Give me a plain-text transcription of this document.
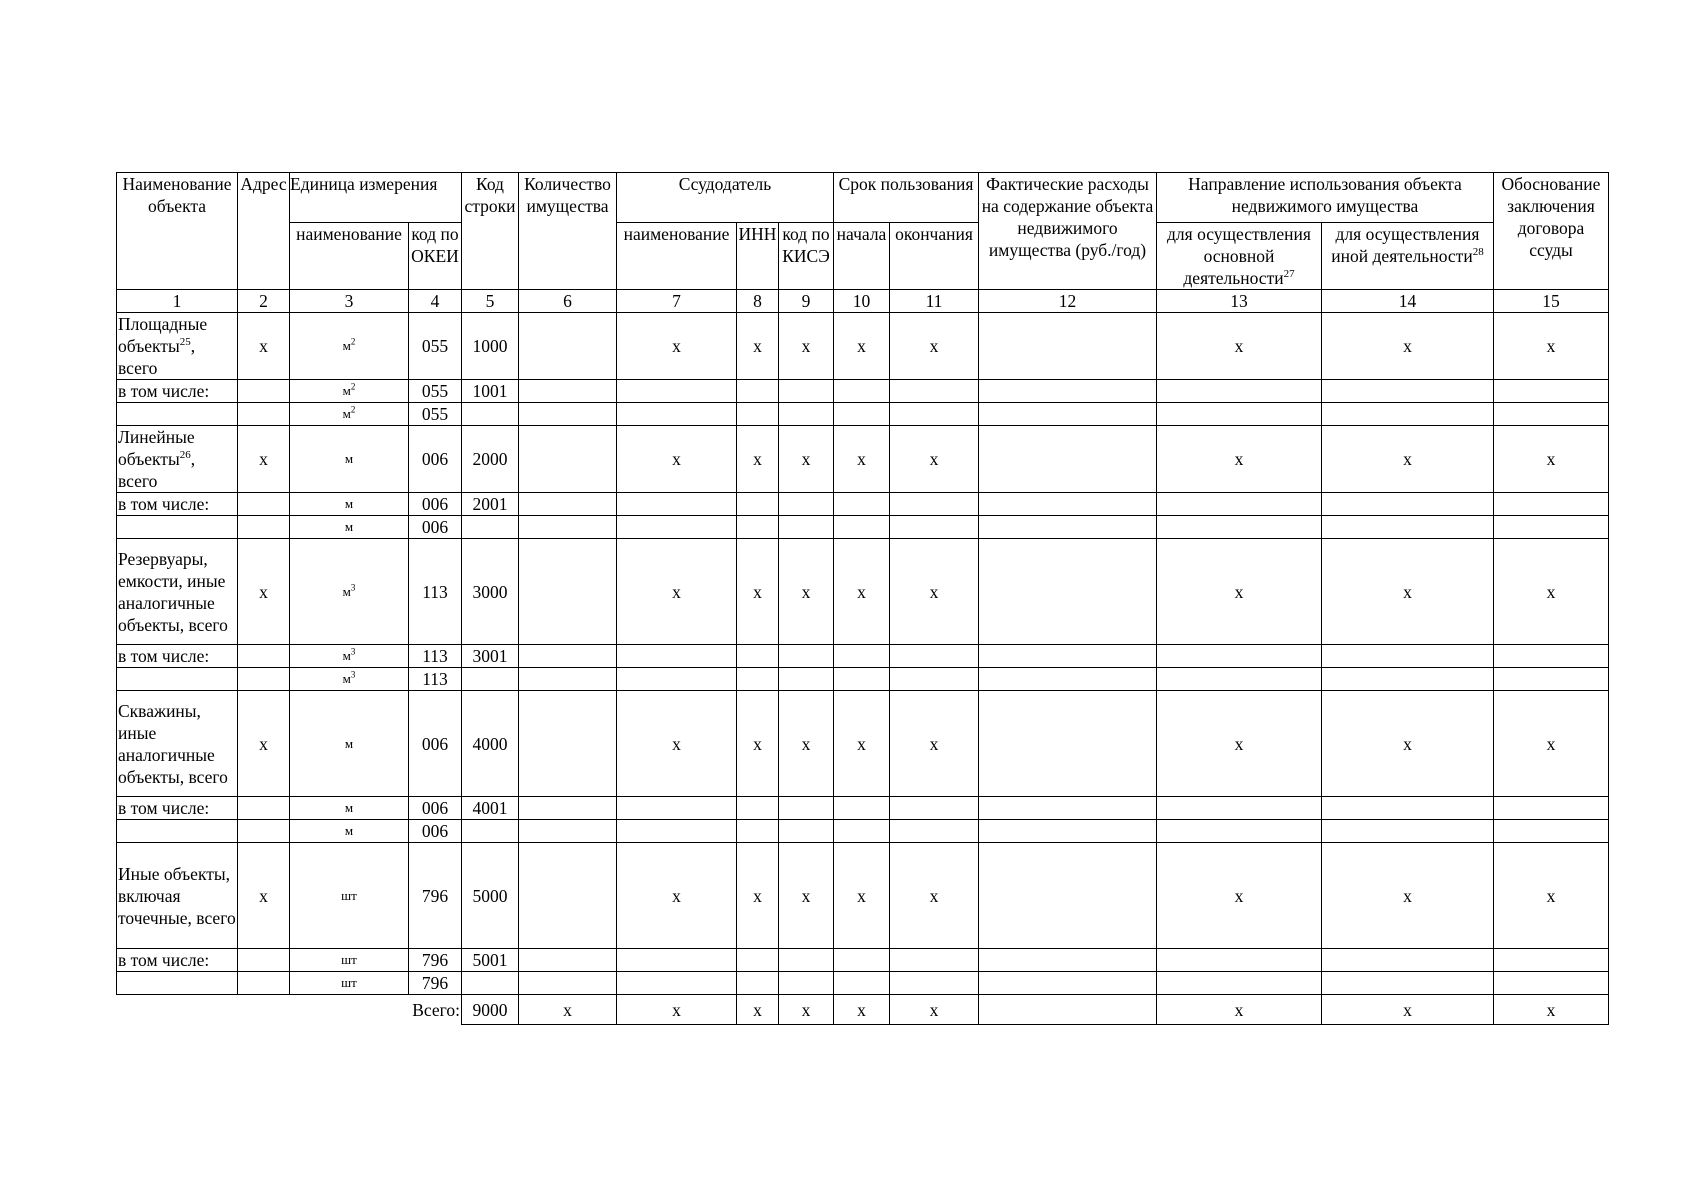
Наименование объекта	Адрес	Единица измерения		Код строки	Количество имущества	Ссудодатель			Срок пользования		Фактические расходы на содержание объекта недвижимого имущества (руб./год)	Направление использования объекта недвижимого имущества		Обоснование заключения договора ссуды
		наименование	код по ОКЕИ			наименование	ИНН	код по КИСЭ	начала	окончания		для осуществления основной деятельности$^{27}$	для осуществления иной деятельности$^{28}$
1	2	3	4	5	6	7	8	9	10	11	12	13	14	15
Площадные объекты$^{25}$, всего	х	$м^2$	055	1000		х	х	х	х	х		х	х	х
в том числе:		$м^2$	055	1001										
		$м^2$	055											
Линейные объекты$^{26}$, всего	х	м	006	2000		х	х	х	х	х		х	х	х
в том числе:		м	006	2001										
		м	006											
Резервуары, емкости, иные аналогичные объекты, всего	х	$м^3$	113	3000		х	х	х	х	х		х	х	х
в том числе:		$м^3$	113	3001										
		$м^3$	113											
Скважины, иные аналогичные объекты, всего	х	м	006	4000		х	х	х	х	х		х	х	х
в том числе:		м	006	4001										
		м	006											
Иные объекты, включая точечные, всего	х	шт	796	5000		х	х	х	х	х		х	х	х
в том числе:		шт	796	5001										
		шт	796											
Всего:				9000	х	х	х	х	х	х		х	х	х
